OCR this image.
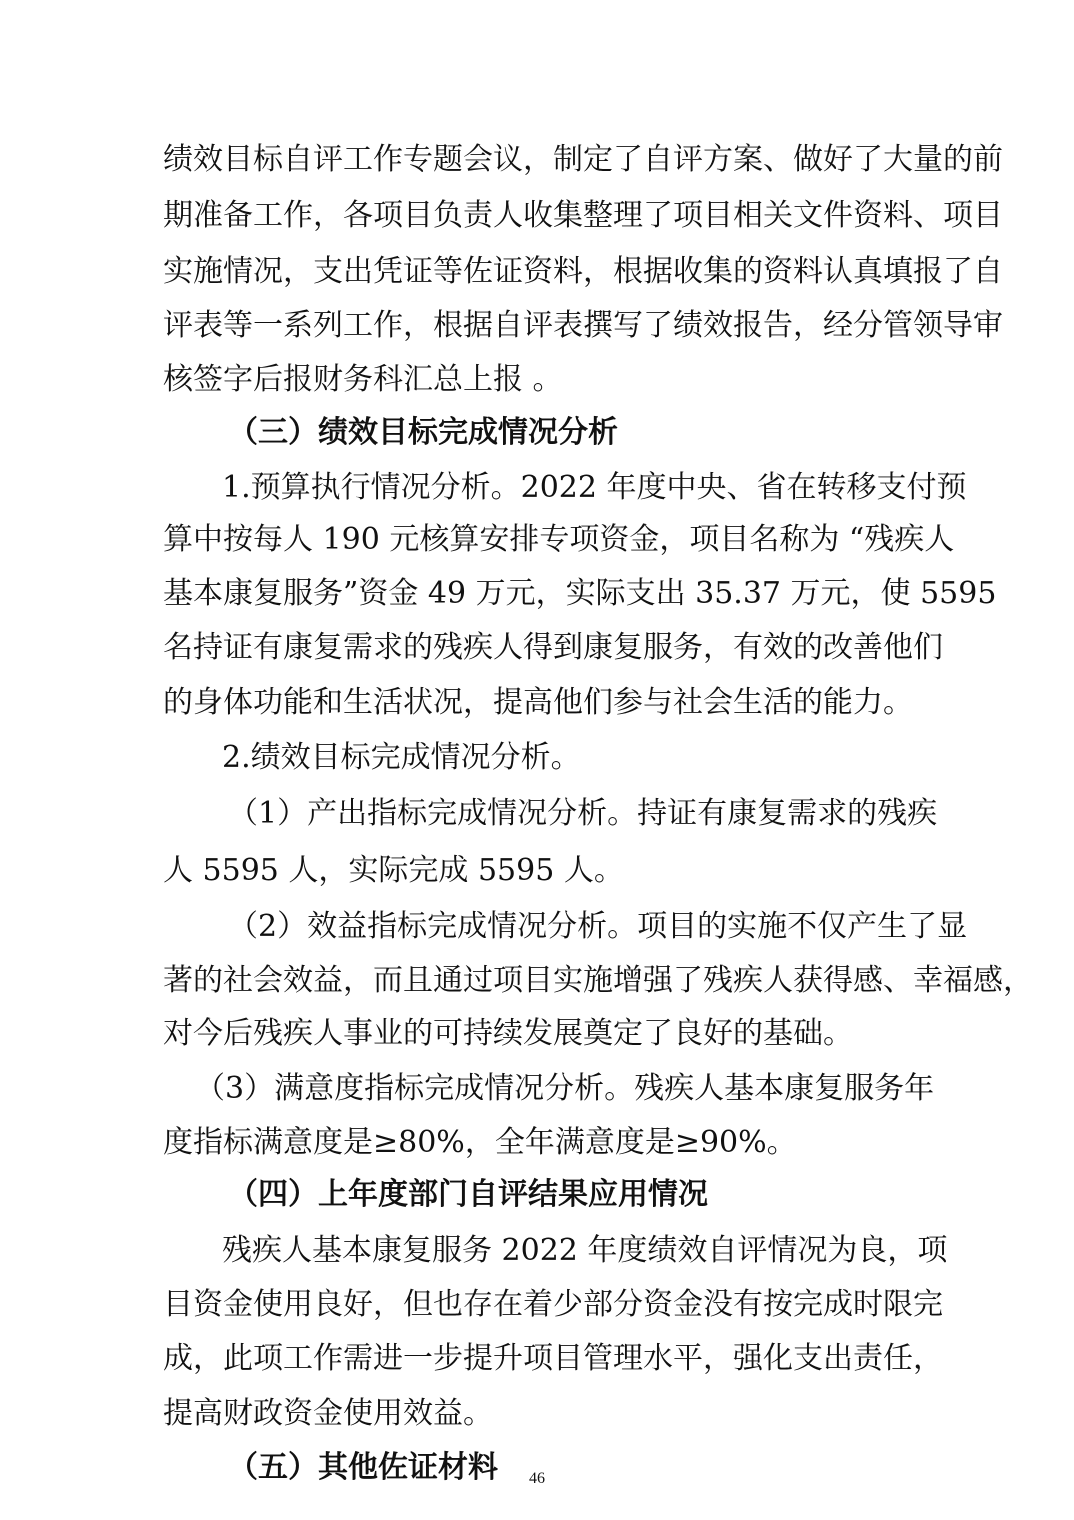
绩效目标自评工作专题会议，制定了自评方案、做好了大量的前
期准备工作，各项目负责人收集整理了项目相关文件资料、项目
实施情况，支出凭证等佐证资料，根据收集的资料认真填报了自
评表等一系列工作，根据自评表撰写了绩效报告，经分管领导审
核签字后报财务科汇总上报 。
（三）绩效目标完成情况分析
1.预算执行情况分析。2022 年度中央、省在转移支付预
算中按每人 190 元核算安排专项资金，项目名称为 “残疾人
基本康复服务”资金 49 万元，实际支出 35.37 万元，使 5595
名持证有康复需求的残疾人得到康复服务，有效的改善他们
的身体功能和生活状况，提高他们参与社会生活的能力。
2.绩效目标完成情况分析。
（1）产出指标完成情况分析。持证有康复需求的残疾
人 5595 人，实际完成 5595 人。
（2）效益指标完成情况分析。项目的实施不仅产生了显
著的社会效益，而且通过项目实施增强了残疾人获得感、幸福感，
对今后残疾人事业的可持续发展奠定了良好的基础。
（3）满意度指标完成情况分析。残疾人基本康复服务年
度指标满意度是≥80%，全年满意度是≥90%。
（四）上年度部门自评结果应用情况
残疾人基本康复服务 2022 年度绩效自评情况为良，项
目资金使用良好，但也存在着少部分资金没有按完成时限完
成，此项工作需进一步提升项目管理水平，强化支出责任，
提高财政资金使用效益。
（五）其他佐证材料	46
